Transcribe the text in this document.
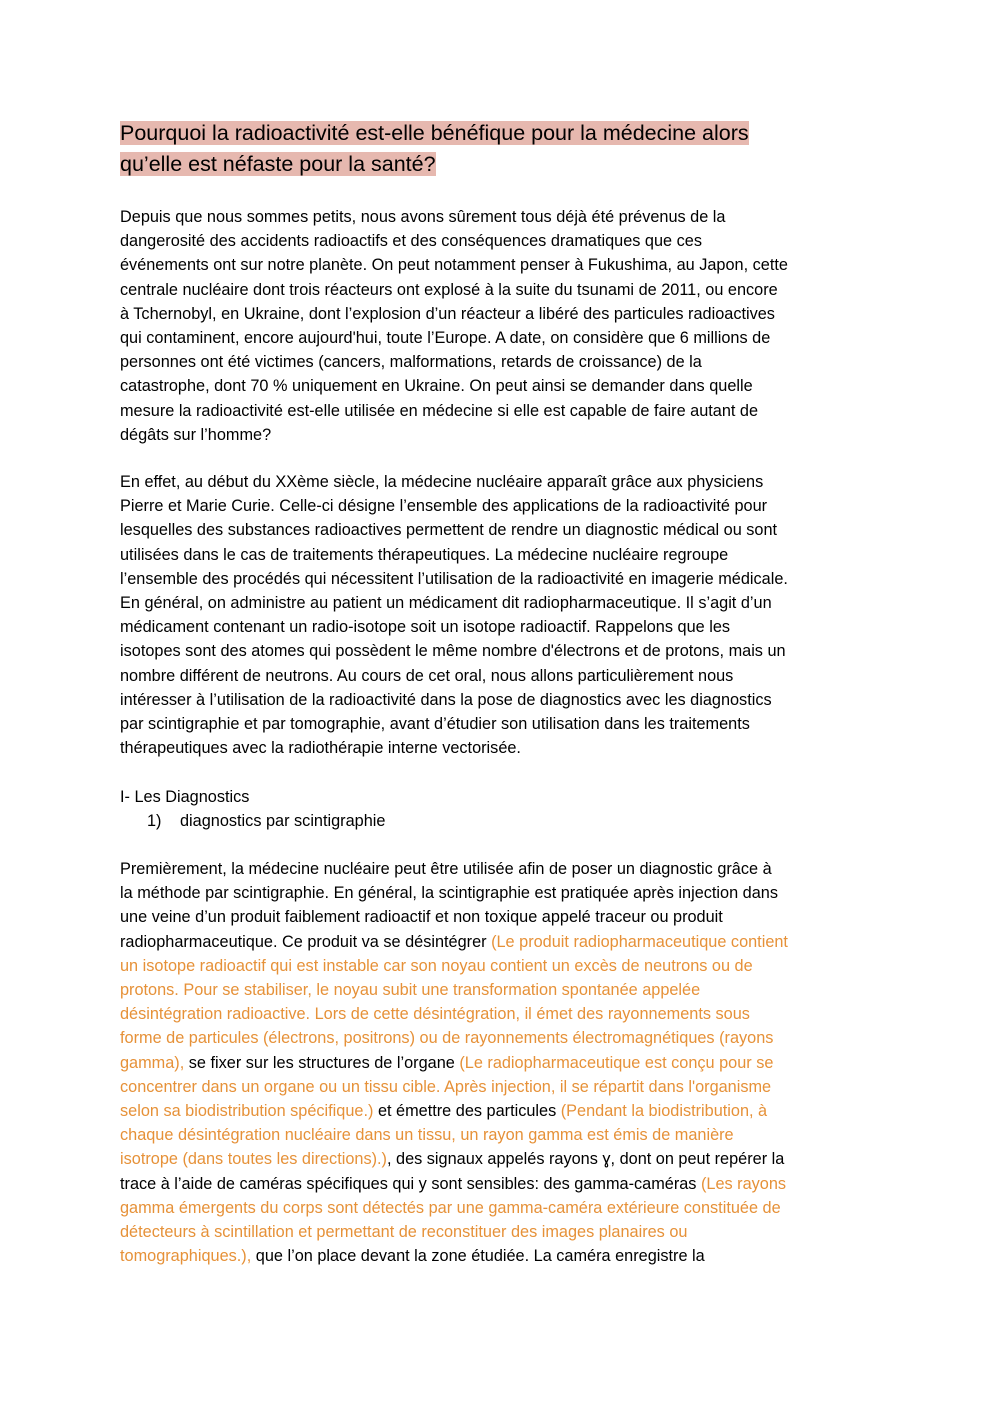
Pourquoi la radioactivité est-elle bénéfique pour la médecine alors
qu’elle est néfaste pour la santé?

Depuis que nous sommes petits, nous avons sûrement tous déjà été prévenus de la
dangerosité des accidents radioactifs et des conséquences dramatiques que ces
événements ont sur notre planète. On peut notamment penser à Fukushima, au Japon, cette
centrale nucléaire dont trois réacteurs ont explosé à la suite du tsunami de 2011, ou encore
à Tchernobyl, en Ukraine, dont l’explosion d’un réacteur a libéré des particules radioactives
qui contaminent, encore aujourd'hui, toute l’Europe. A date, on considère que 6 millions de
personnes ont été victimes (cancers, malformations, retards de croissance) de la
catastrophe, dont 70 % uniquement en Ukraine. On peut ainsi se demander dans quelle
mesure la radioactivité est-elle utilisée en médecine si elle est capable de faire autant de
dégâts sur l’homme?

En effet, au début du XXème siècle, la médecine nucléaire apparaît grâce aux physiciens
Pierre et Marie Curie. Celle-ci désigne l’ensemble des applications de la radioactivité pour
lesquelles des substances radioactives permettent de rendre un diagnostic médical ou sont
utilisées dans le cas de traitements thérapeutiques. La médecine nucléaire regroupe
l’ensemble des procédés qui nécessitent l’utilisation de la radioactivité en imagerie médicale.
En général, on administre au patient un médicament dit radiopharmaceutique. Il s’agit d’un
médicament contenant un radio-isotope soit un isotope radioactif. Rappelons que les
isotopes sont des atomes qui possèdent le même nombre d'électrons et de protons, mais un
nombre différent de neutrons. Au cours de cet oral, nous allons particulièrement nous
intéresser à l’utilisation de la radioactivité dans la pose de diagnostics avec les diagnostics
par scintigraphie et par tomographie, avant d’étudier son utilisation dans les traitements
thérapeutiques avec la radiothérapie interne vectorisée.

I- Les Diagnostics
1) diagnostics par scintigraphie

Premièrement, la médecine nucléaire peut être utilisée afin de poser un diagnostic grâce à
la méthode par scintigraphie. En général, la scintigraphie est pratiquée après injection dans
une veine d’un produit faiblement radioactif et non toxique appelé traceur ou produit
radiopharmaceutique. Ce produit va se désintégrer (Le produit radiopharmaceutique contient
un isotope radioactif qui est instable car son noyau contient un excès de neutrons ou de
protons. Pour se stabiliser, le noyau subit une transformation spontanée appelée
désintégration radioactive. Lors de cette désintégration, il émet des rayonnements sous
forme de particules (électrons, positrons) ou de rayonnements électromagnétiques (rayons
gamma), se fixer sur les structures de l’organe (Le radiopharmaceutique est conçu pour se
concentrer dans un organe ou un tissu cible. Après injection, il se répartit dans l'organisme
selon sa biodistribution spécifique.) et émettre des particules (Pendant la biodistribution, à
chaque désintégration nucléaire dans un tissu, un rayon gamma est émis de manière
isotrope (dans toutes les directions).), des signaux appelés rayons ɣ, dont on peut repérer la
trace à l’aide de caméras spécifiques qui y sont sensibles: des gamma-caméras (Les rayons
gamma émergents du corps sont détectés par une gamma-caméra extérieure constituée de
détecteurs à scintillation et permettant de reconstituer des images planaires ou
tomographiques.), que l’on place devant la zone étudiée. La caméra enregistre la
